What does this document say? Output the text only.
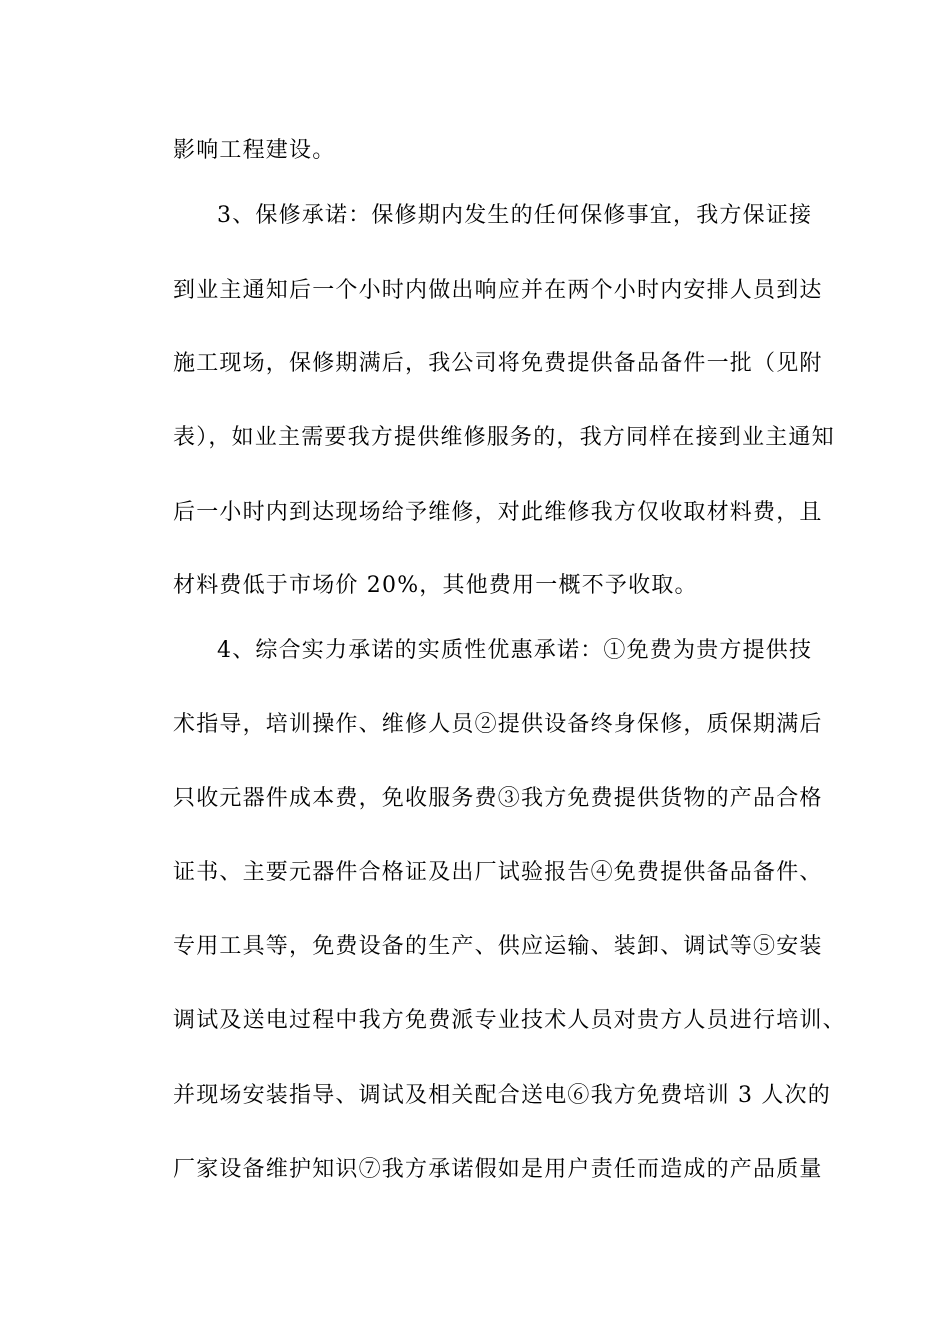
影响工程建设。
3、保修承诺：保修期内发生的任何保修事宜，我方保证接
到业主通知后一个小时内做出响应并在两个小时内安排人员到达
施工现场，保修期满后，我公司将免费提供备品备件一批（见附
表），如业主需要我方提供维修服务的，我方同样在接到业主通知
后一小时内到达现场给予维修，对此维修我方仅收取材料费，且
材料费低于市场价 20%，其他费用一概不予收取。
4、综合实力承诺的实质性优惠承诺：①免费为贵方提供技
术指导，培训操作、维修人员②提供设备终身保修，质保期满后
只收元器件成本费，免收服务费③我方免费提供货物的产品合格
证书、主要元器件合格证及出厂试验报告④免费提供备品备件、
专用工具等，免费设备的生产、供应运输、装卸、调试等⑤安装
调试及送电过程中我方免费派专业技术人员对贵方人员进行培训、
并现场安装指导、调试及相关配合送电⑥我方免费培训 3 人次的
厂家设备维护知识⑦我方承诺假如是用户责任而造成的产品质量
